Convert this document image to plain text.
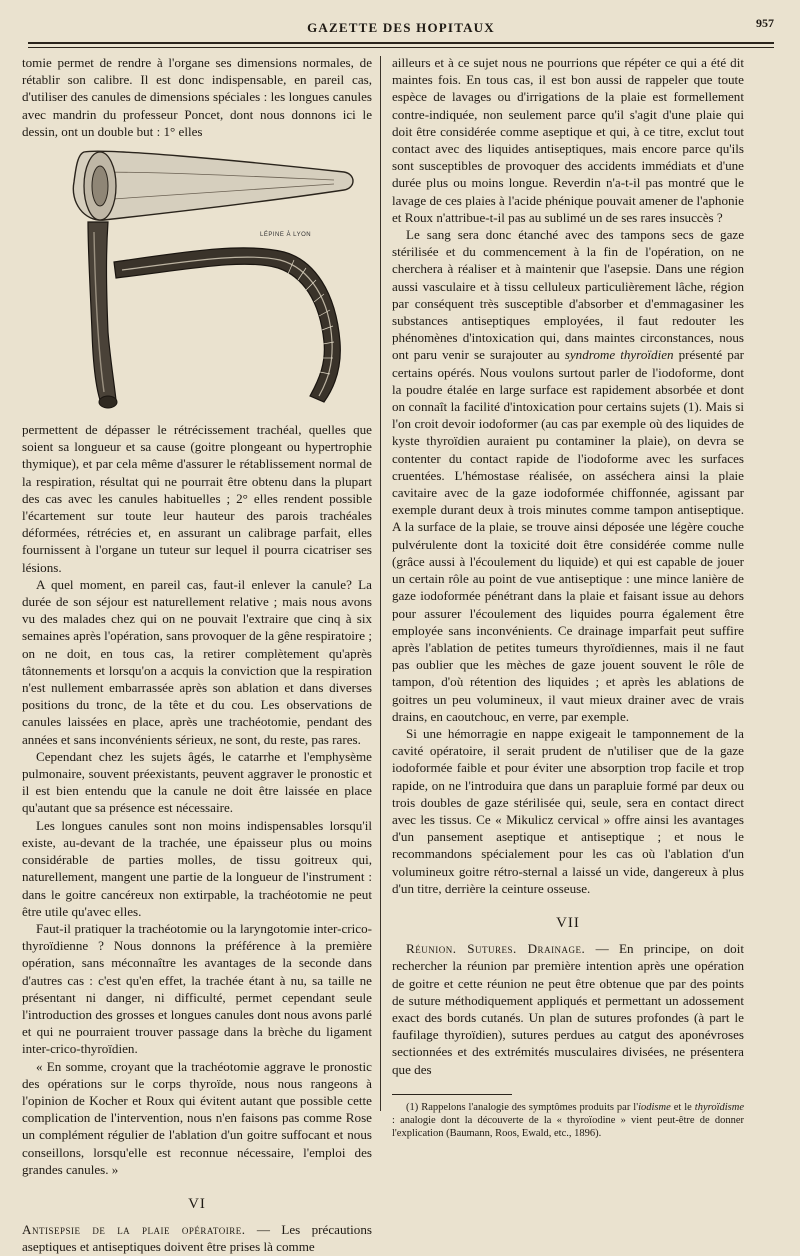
GAZETTE DES HOPITAUX	957

tomie permet de rendre à l'organe ses dimensions normales, de rétablir son calibre. Il est donc indispensable, en pareil cas, d'utiliser des canules de dimensions spéciales : les longues canules avec mandrin du professeur Poncet, dont nous donnons ici le dessin, ont un double but : 1° elles

LÉPINE À LYON

permettent de dépasser le rétrécissement trachéal, quelles que soient sa longueur et sa cause (goitre plongeant ou hypertrophie thymique), et par cela même d'assurer le rétablissement normal de la respiration, résultat qui ne pourrait être obtenu dans la plupart des cas avec les canules habituelles ; 2° elles rendent possible l'écartement sur toute leur hauteur des parois trachéales déformées, rétrécies et, en assurant un calibrage parfait, elles fournissent à l'organe un tuteur sur lequel il pourra cicatriser ses lésions.

A quel moment, en pareil cas, faut-il enlever la canule? La durée de son séjour est naturellement relative ; mais nous avons vu des malades chez qui on ne pouvait l'extraire que cinq à six semaines après l'opération, sans provoquer de la gêne respiratoire ; on ne doit, en tous cas, la retirer complètement qu'après tâtonnements et lorsqu'on a acquis la conviction que la respiration n'est nullement embarrassée après son ablation et dans diverses positions du tronc, de la tête et du cou. Les observations de canules laissées en place, après une trachéotomie, pendant des années et sans inconvénients sérieux, ne sont, du reste, pas rares.

Cependant chez les sujets âgés, le catarrhe et l'emphysème pulmonaire, souvent préexistants, peuvent aggraver le pronostic et il est bien entendu que la canule ne doit être laissée en place qu'autant que sa présence est nécessaire.

Les longues canules sont non moins indispensables lorsqu'il existe, au-devant de la trachée, une épaisseur plus ou moins considérable de parties molles, de tissu goitreux qui, naturellement, mangent une partie de la longueur de l'instrument : dans le goitre cancéreux non extirpable, la trachéotomie ne peut être utile qu'avec elles.

Faut-il pratiquer la trachéotomie ou la laryngotomie inter-crico-thyroïdienne ? Nous donnons la préférence à la première opération, sans méconnaître les avantages de la seconde dans d'autres cas : c'est qu'en effet, la trachée étant à nu, sa taille ne présentant ni danger, ni difficulté, permet cependant seule l'introduction des grosses et longues canules dont nous avons parlé et qui ne pourraient trouver passage dans la brèche du ligament inter-crico-thyroïdien.

« En somme, croyant que la trachéotomie aggrave le pronostic des opérations sur le corps thyroïde, nous nous rangeons à l'opinion de Kocher et Roux qui évitent autant que possible cette complication de l'intervention, nous n'en faisons pas comme Rose un complément régulier de l'ablation d'un goitre suffocant et nous conseillons, lorsqu'elle est reconnue nécessaire, l'emploi des grandes canules. »

VI

Antisepsie de la plaie opératoire. — Les précautions aseptiques et antiseptiques doivent être prises là comme

ailleurs et à ce sujet nous ne pourrions que répéter ce qui a été dit maintes fois. En tous cas, il est bon aussi de rappeler que toute espèce de lavages ou d'irrigations de la plaie est formellement contre-indiquée, non seulement parce qu'il s'agit d'une plaie qui doit être considérée comme aseptique et qui, à ce titre, exclut tout contact avec des liquides antiseptiques, mais encore parce qu'ils sont susceptibles de provoquer des accidents immédiats et d'une durée plus ou moins longue. Reverdin n'a-t-il pas montré que le lavage de ces plaies à l'acide phénique pouvait amener de l'aphonie et Roux n'attribue-t-il pas au sublimé un de ses rares insuccès ?

Le sang sera donc étanché avec des tampons secs de gaze stérilisée et du commencement à la fin de l'opération, on ne cherchera à réaliser et à maintenir que l'asepsie. Dans une région aussi vasculaire et à tissu celluleux particulièrement lâche, région par conséquent très susceptible d'absorber et d'emmagasiner les substances antiseptiques employées, il faut redouter les phénomènes d'intoxication qui, dans maintes circonstances, nous ont paru venir se surajouter au syndrome thyroïdien présenté par certains opérés. Nous voulons surtout parler de l'iodoforme, dont la poudre étalée en large surface est rapidement absorbée et dont on connaît la facilité d'intoxication pour certains sujets (1). Mais si l'on croit devoir iodoformer (au cas par exemple où des liquides de kyste thyroïdien auraient pu contaminer la plaie), on devra se contenter du contact rapide de l'iodoforme avec les surfaces cruentées. L'hémostase réalisée, on asséchera ainsi la plaie cavitaire avec de la gaze iodoformée chiffonnée, agissant par exemple durant deux à trois minutes comme tampon antiseptique. A la surface de la plaie, se trouve ainsi déposée une légère couche pulvérulente dont la toxicité doit être considérée comme nulle (grâce aussi à l'écoulement du liquide) et qui est capable de jouer un certain rôle au point de vue antiseptique : une mince lanière de gaze iodoformée pénétrant dans la plaie et faisant issue au dehors pour assurer l'écoulement des liquides pourra également être employée sans inconvénients. Ce drainage imparfait peut suffire après l'ablation de petites tumeurs thyroïdiennes, mais il ne faut pas oublier que les mèches de gaze jouent souvent le rôle de tampon, d'où rétention des liquides ; et après les ablations de goitres un peu volumineux, il vaut mieux drainer avec de vrais drains, en caoutchouc, en verre, par exemple.

Si une hémorragie en nappe exigeait le tamponnement de la cavité opératoire, il serait prudent de n'utiliser que de la gaze iodoformée faible et pour éviter une absorption trop facile et trop rapide, on ne l'introduira que dans un parapluie formé par deux ou trois doubles de gaze stérilisée qui, seule, sera en contact direct avec les tissus. Ce « Mikulicz cervical » offre ainsi les avantages d'un pansement aseptique et antiseptique ; et nous le recommandons spécialement pour les cas où l'ablation d'un volumineux goitre rétro-sternal a laissé un vide, dangereux à plus d'un titre, derrière la ceinture osseuse.

VII

Réunion. Sutures. Drainage. — En principe, on doit rechercher la réunion par première intention après une opération de goitre et cette réunion ne peut être obtenue que par des points de suture méthodiquement appliqués et permettant un adossement exact des bords cutanés. Un plan de sutures profondes (à part le faufilage thyroïdien), sutures perdues au catgut des aponévroses sectionnées et des extrémités musculaires divisées, ne présentera que des

(1) Rappelons l'analogie des symptômes produits par l'iodisme et le thyroïdisme : analogie dont la découverte de la « thyroïodine » vient peut-être de donner l'explication (Baumann, Roos, Ewald, etc., 1896).
